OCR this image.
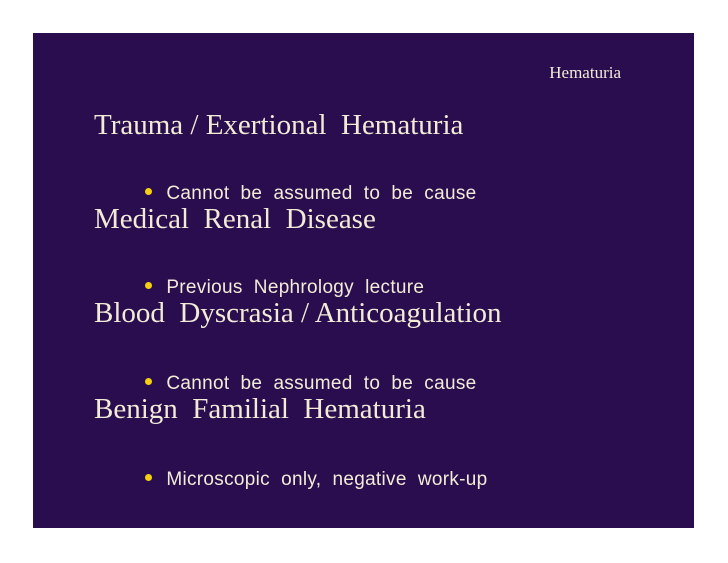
Hematuria
Trauma / Exertional  Hematuria

Cannot  be  assumed  to  be  cause

Medical  Renal  Disease

Previous  Nephrology  lecture

Blood  Dyscrasia / Anticoagulation

Cannot  be  assumed  to  be  cause

Benign  Familial  Hematuria

Microscopic  only,  negative  work-up
